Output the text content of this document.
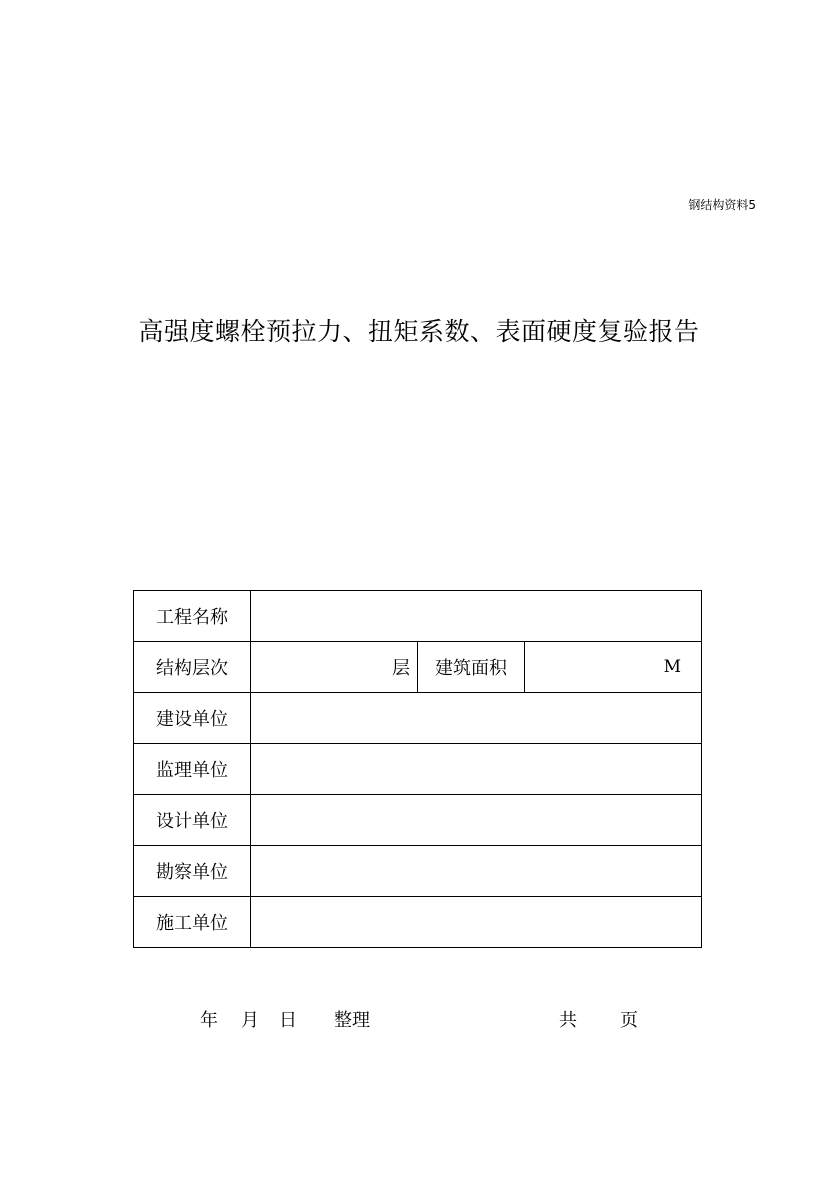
钢结构资料5
高强度螺栓预拉力、扭矩系数、表面硬度复验报告
工程名称			
结构层次	层	建筑面积	M
建设单位			
监理单位			
设计单位			
勘察单位			
施工单位			
年 月 日 整理	共 页
